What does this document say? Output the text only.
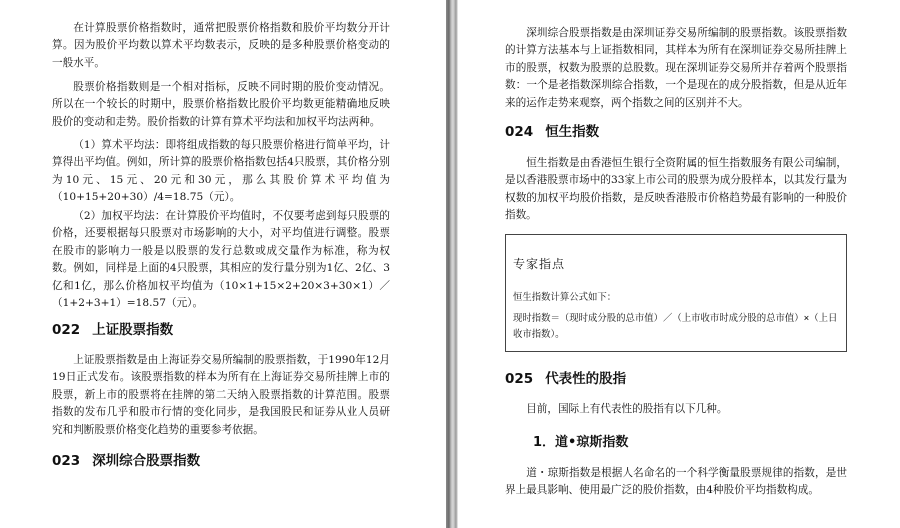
在计算股票价格指数时，通常把股票价格指数和股价平均数分开计算。因为股价平均数以算术平均数表示，反映的是多种股票价格变动的一般水平。

股票价格指数则是一个相对指标，反映不同时期的股价变动情况。所以在一个较长的时期中，股票价格指数比股价平均数更能精确地反映股价的变动和走势。股价指数的计算有算术平均法和加权平均法两种。

（1）算术平均法：即将组成指数的每只股票价格进行简单平均，计算得出平均值。例如，所计算的股票价格指数包括4只股票，其价格分别为10元、15元、20元和30元，那么其股价算术平均值为（10+15+20+30）/4=18.75（元）。

（2）加权平均法：在计算股价平均值时，不仅要考虑到每只股票的价格，还要根据每只股票对市场影响的大小，对平均值进行调整。股票在股市的影响力一般是以股票的发行总数或成交量作为标准，称为权数。例如，同样是上面的4只股票，其相应的发行量分别为1亿、2亿、3亿和1亿，那么价格加权平均值为（10×1+15×2+20×3+30×1）／（1+2+3+1）=18.57（元）。

022 上证股票指数

上证股票指数是由上海证券交易所编制的股票指数，于1990年12月19日正式发布。该股票指数的样本为所有在上海证券交易所挂牌上市的股票，新上市的股票将在挂牌的第二天纳入股票指数的计算范围。股票指数的发布几乎和股市行情的变化同步，是我国股民和证券从业人员研究和判断股票价格变化趋势的重要参考依据。

023 深圳综合股票指数

深圳综合股票指数是由深圳证券交易所编制的股票指数。该股票指数的计算方法基本与上证指数相同，其样本为所有在深圳证券交易所挂牌上市的股票，权数为股票的总股数。现在深圳证券交易所并存着两个股票指数：一个是老指数深圳综合指数，一个是现在的成分股指数，但是从近年来的运作走势来观察，两个指数之间的区别并不大。

024 恒生指数

恒生指数是由香港恒生银行全资附属的恒生指数服务有限公司编制，是以香港股票市场中的33家上市公司的股票为成分股样本，以其发行量为权数的加权平均股价指数，是反映香港股市价格趋势最有影响的一种股价指数。

专家指点

恒生指数计算公式如下：

现时指数＝（现时成分股的总市值）／（上市收市时成分股的总市值）×（上日收市指数）。

025 代表性的股指

目前，国际上有代表性的股指有以下几种。

1．道•琼斯指数

道・琼斯指数是根据人名命名的一个科学衡量股票规律的指数，是世界上最具影响、使用最广泛的股价指数，由4种股价平均指数构成。
